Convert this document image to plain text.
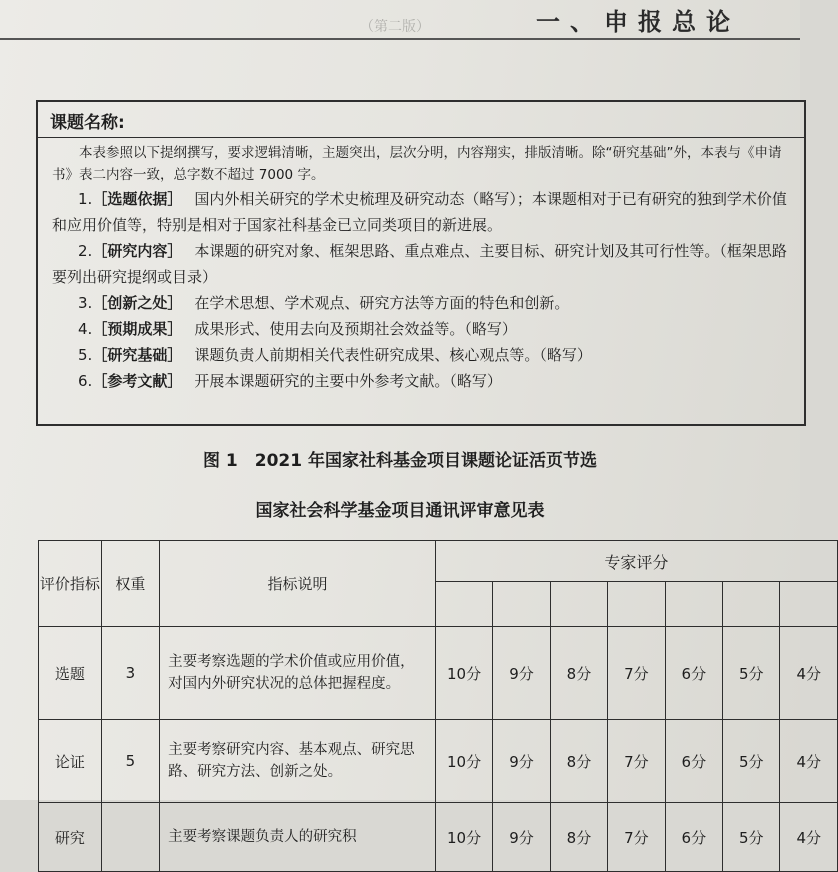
（第二版）	一、申报总论
课题名称:

本表参照以下提纲撰写，要求逻辑清晰，主题突出，层次分明，内容翔实，排版清晰。除“研究基础”外，本表与《申请书》表二内容一致，总字数不超过 7000 字。

1.［选题依据］ 国内外相关研究的学术史梳理及研究动态（略写）；本课题相对于已有研究的独到学术价值和应用价值等，特别是相对于国家社科基金已立同类项目的新进展。
2.［研究内容］ 本课题的研究对象、框架思路、重点难点、主要目标、研究计划及其可行性等。（框架思路要列出研究提纲或目录）
3.［创新之处］ 在学术思想、学术观点、研究方法等方面的特色和创新。
4.［预期成果］ 成果形式、使用去向及预期社会效益等。（略写）
5.［研究基础］ 课题负责人前期相关代表性研究成果、核心观点等。（略写）
6.［参考文献］ 开展本课题研究的主要中外参考文献。（略写）
图 1　2021 年国家社科基金项目课题论证活页节选
国家社会科学基金项目通讯评审意见表
评价指标	权重	指标说明	专家评分						

选题	3	主要考察选题的学术价值或应用价值，对国内外研究状况的总体把握程度。	10分	9分	8分	7分	6分	5分	4分
论证	5	主要考察研究内容、基本观点、研究思路、研究方法、创新之处。	10分	9分	8分	7分	6分	5分	4分
研究		主要考察课题负责人的研究积	10分	9分	8分	7分	6分	5分	4分
